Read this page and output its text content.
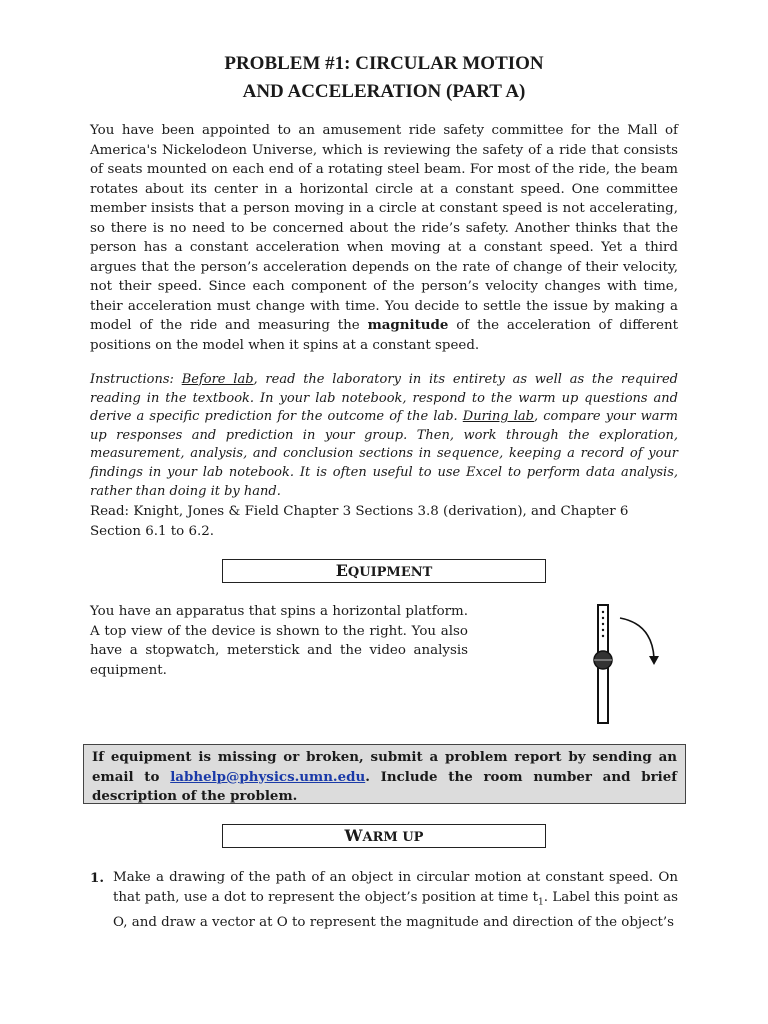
PROBLEM #1: CIRCULAR MOTION
AND ACCELERATION (PART A)
You have been appointed to an amusement ride safety committee for the Mall of America's Nickelodeon Universe, which is reviewing the safety of a ride that consists of seats mounted on each end of a rotating steel beam. For most of the ride, the beam rotates about its center in a horizontal circle at a constant speed. One committee member insists that a person moving in a circle at constant speed is not accelerating, so there is no need to be concerned about the ride’s safety. Another thinks that the person has a constant acceleration when moving at a constant speed. Yet a third argues that the person’s acceleration depends on the rate of change of their velocity, not their speed. Since each component of the person’s velocity changes with time, their acceleration must change with time. You decide to settle the issue by making a model of the ride and measuring the magnitude of the acceleration of different positions on the model when it spins at a constant speed.
Instructions: Before lab, read the laboratory in its entirety as well as the required reading in the textbook. In your lab notebook, respond to the warm up questions and derive a specific prediction for the outcome of the lab. During lab, compare your warm up responses and prediction in your group. Then, work through the exploration, measurement, analysis, and conclusion sections in sequence, keeping a record of your findings in your lab notebook. It is often useful to use Excel to perform data analysis, rather than doing it by hand.
Read: Knight, Jones & Field Chapter 3 Sections 3.8 (derivation), and Chapter 6 Section 6.1 to 6.2.
EQUIPMENT
You have an apparatus that spins a horizontal platform. A top view of the device is shown to the right. You also have a stopwatch, meterstick and the video analysis equipment.
If equipment is missing or broken, submit a problem report by sending an email to labhelp@physics.umn.edu. Include the room number and brief description of the problem.
WARM UP
1. Make a drawing of the path of an object in circular motion at constant speed. On that path, use a dot to represent the object’s position at time $t_1$. Label this point as O, and draw a vector at O to represent the magnitude and direction of the object’s
